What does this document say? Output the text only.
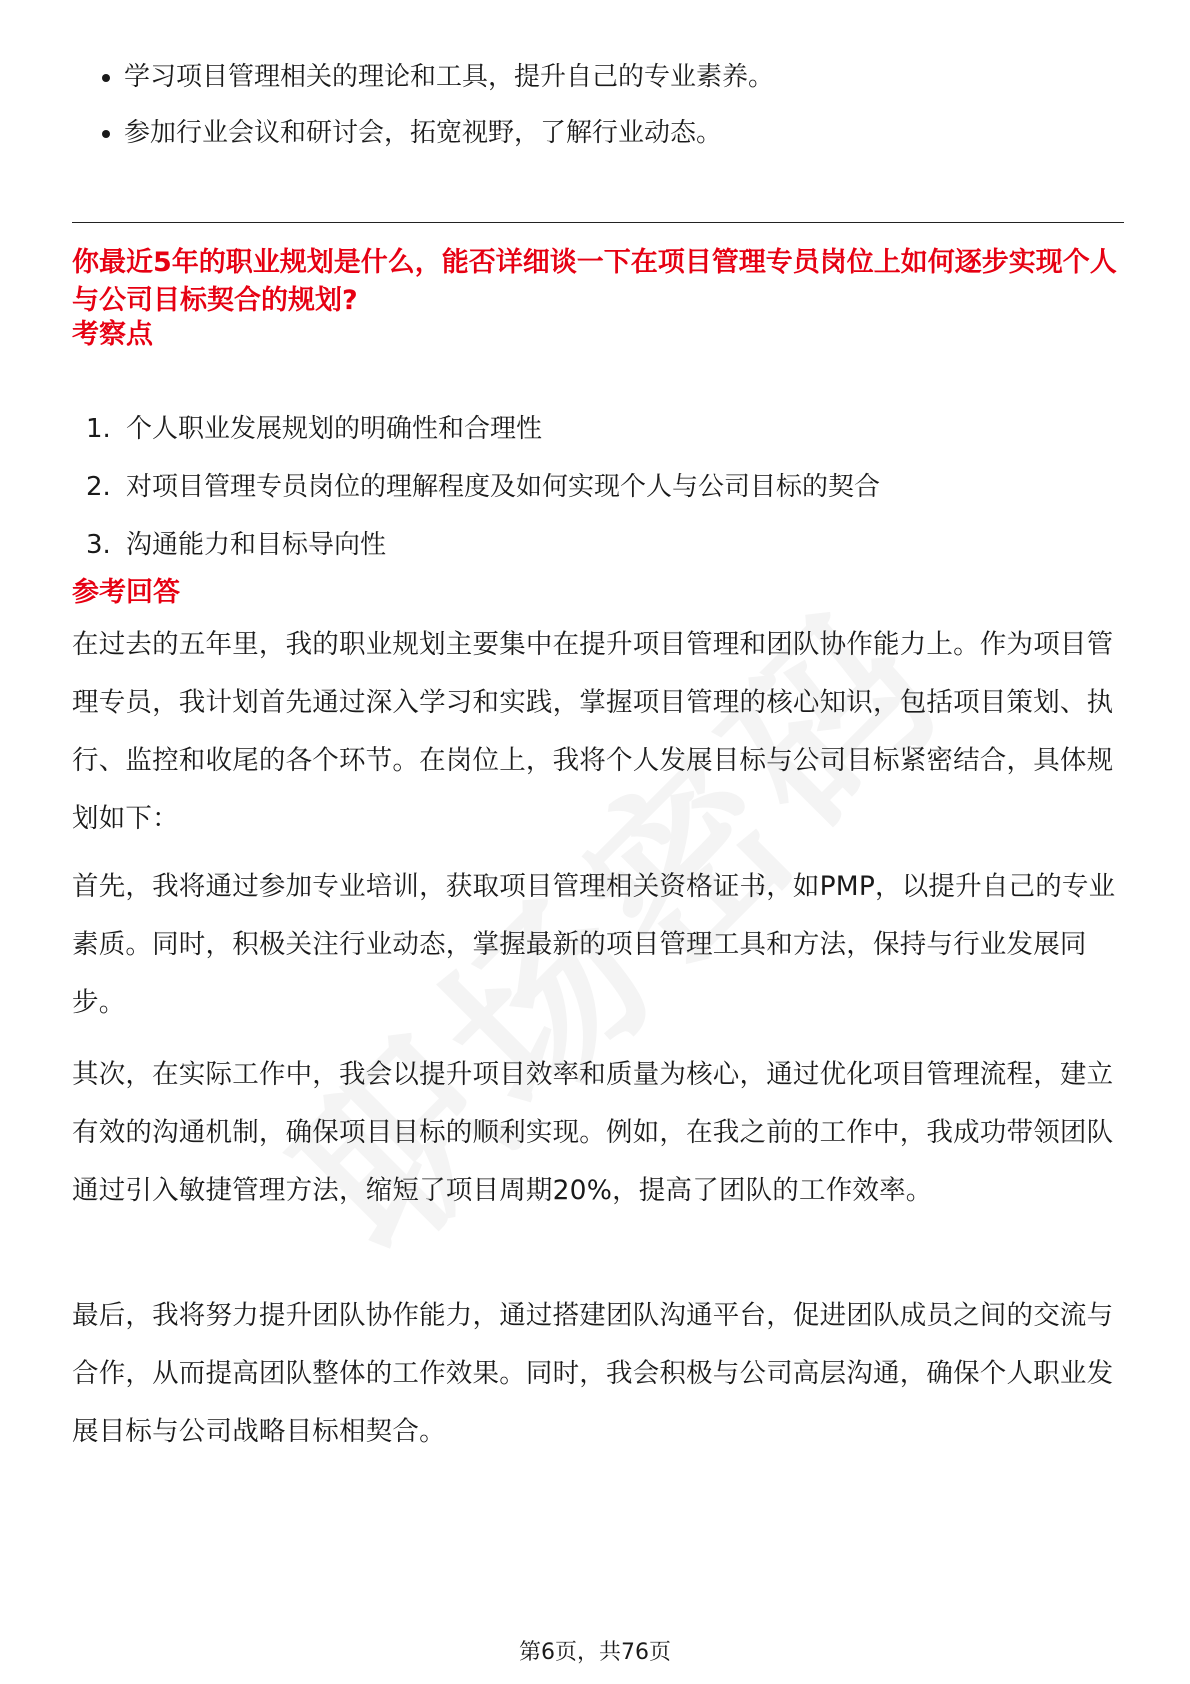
学习项目管理相关的理论和工具，提升自己的专业素养。
参加行业会议和研讨会，拓宽视野，了解行业动态。
你最近5年的职业规划是什么，能否详细谈一下在项目管理专员岗位上如何逐步实现个人与公司目标契合的规划?
考察点
1. 个人职业发展规划的明确性和合理性
2. 对项目管理专员岗位的理解程度及如何实现个人与公司目标的契合
3. 沟通能力和目标导向性
参考回答

在过去的五年里，我的职业规划主要集中在提升项目管理和团队协作能力上。作为项目管理专员，我计划首先通过深入学习和实践，掌握项目管理的核心知识，包括项目策划、执行、监控和收尾的各个环节。在岗位上，我将个人发展目标与公司目标紧密结合，具体规划如下：

首先，我将通过参加专业培训，获取项目管理相关资格证书，如PMP，以提升自己的专业素质。同时，积极关注行业动态，掌握最新的项目管理工具和方法，保持与行业发展同步。

其次，在实际工作中，我会以提升项目效率和质量为核心，通过优化项目管理流程，建立有效的沟通机制，确保项目目标的顺利实现。例如，在我之前的工作中，我成功带领团队通过引入敏捷管理方法，缩短了项目周期20%，提高了团队的工作效率。

最后，我将努力提升团队协作能力，通过搭建团队沟通平台，促进团队成员之间的交流与合作，从而提高团队整体的工作效果。同时，我会积极与公司高层沟通，确保个人职业发展目标与公司战略目标相契合。

第6页，共76页
